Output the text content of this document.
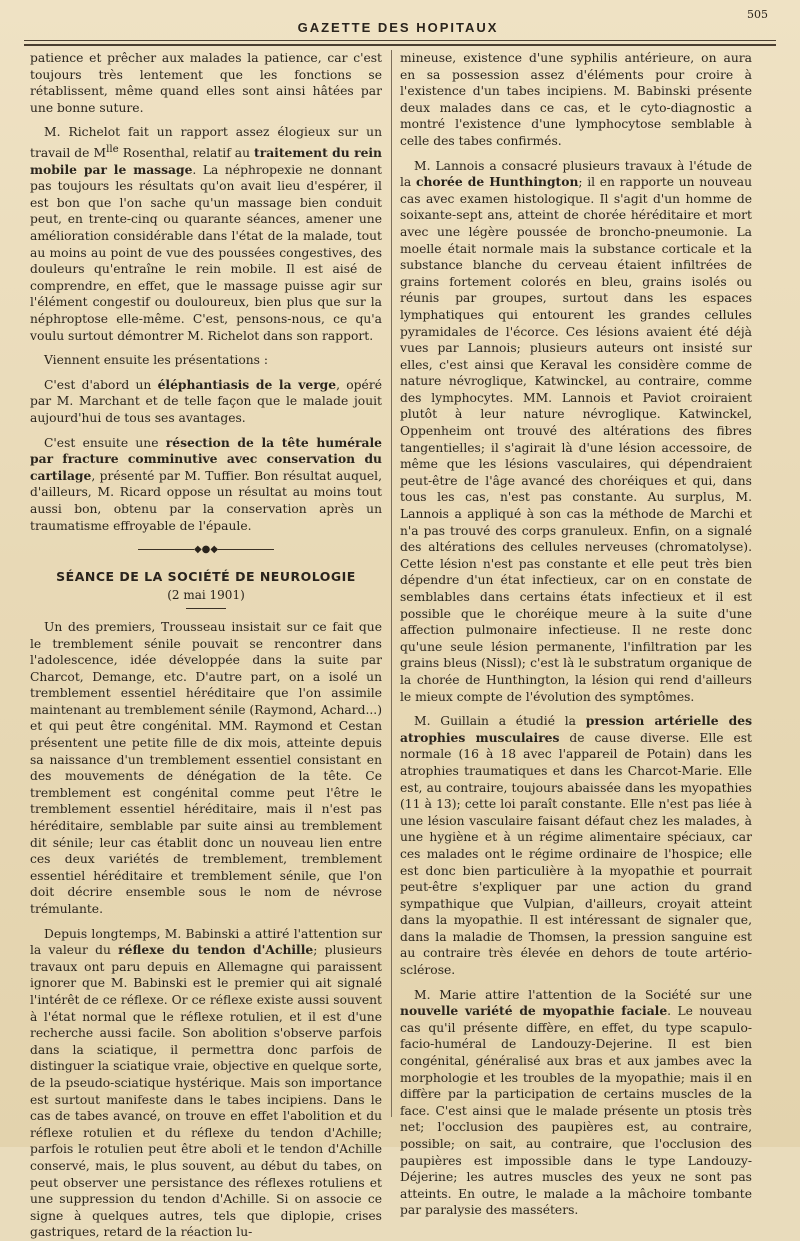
GAZETTE DES HOPITAUX
505

patience et prêcher aux malades la patience, car c'est toujours très lentement que les fonctions se rétablissent, même quand elles sont ainsi hâtées par une bonne suture.

M. Richelot fait un rapport assez élogieux sur un travail de $M^{lle}$ Rosenthal, relatif au traitement du rein mobile par le massage. La néphropexie ne donnant pas toujours les résultats qu'on avait lieu d'espérer, il est bon que l'on sache qu'un massage bien conduit peut, en trente-cinq ou quarante séances, amener une amélioration considérable dans l'état de la malade, tout au moins au point de vue des poussées congestives, des douleurs qu'entraîne le rein mobile. Il est aisé de comprendre, en effet, que le massage puisse agir sur l'élément congestif ou douloureux, bien plus que sur la néphroptose elle-même. C'est, pensons-nous, ce qu'a voulu surtout démontrer M. Richelot dans son rapport.

Viennent ensuite les présentations :

C'est d'abord un éléphantiasis de la verge, opéré par M. Marchant et de telle façon que le malade jouit aujourd'hui de tous ses avantages.

C'est ensuite une résection de la tête humérale par fracture comminutive avec conservation du cartilage, présenté par M. Tuffier. Bon résultat auquel, d'ailleurs, M. Ricard oppose un résultat au moins tout aussi bon, obtenu par la conservation après un traumatisme effroyable de l'épaule.

◆●◆
SÉANCE DE LA SOCIÉTÉ DE NEUROLOGIE
(2 mai 1901)

Un des premiers, Trousseau insistait sur ce fait que le tremblement sénile pouvait se rencontrer dans l'adolescence, idée développée dans la suite par Charcot, Demange, etc. D'autre part, on a isolé un tremblement essentiel héréditaire que l'on assimile maintenant au tremblement sénile (Raymond, Achard...) et qui peut être congénital. MM. Raymond et Cestan présentent une petite fille de dix mois, atteinte depuis sa naissance d'un tremblement essentiel consistant en des mouvements de dénégation de la tête. Ce tremblement est congénital comme peut l'être le tremblement essentiel héréditaire, mais il n'est pas héréditaire, semblable par suite ainsi au tremblement dit sénile; leur cas établit donc un nouveau lien entre ces deux variétés de tremblement, tremblement essentiel héréditaire et tremblement sénile, que l'on doit décrire ensemble sous le nom de névrose trémulante.

Depuis longtemps, M. Babinski a attiré l'attention sur la valeur du réflexe du tendon d'Achille; plusieurs travaux ont paru depuis en Allemagne qui paraissent ignorer que M. Babinski est le premier qui ait signalé l'intérêt de ce réflexe. Or ce réflexe existe aussi souvent à l'état normal que le réflexe rotulien, et il est d'une recherche aussi facile. Son abolition s'observe parfois dans la sciatique, il permettra donc parfois de distinguer la sciatique vraie, objective en quelque sorte, de la pseudo-sciatique hystérique. Mais son importance est surtout manifeste dans le tabes incipiens. Dans le cas de tabes avancé, on trouve en effet l'abolition et du réflexe rotulien et du réflexe du tendon d'Achille; parfois le rotulien peut être aboli et le tendon d'Achille conservé, mais, le plus souvent, au début du tabes, on peut observer une persistance des réflexes rotuliens et une suppression du tendon d'Achille. Si on associe ce signe à quelques autres, tels que diplopie, crises gastriques, retard de la réaction lu-

mineuse, existence d'une syphilis antérieure, on aura en sa possession assez d'éléments pour croire à l'existence d'un tabes incipiens. M. Babinski présente deux malades dans ce cas, et le cyto-diagnostic a montré l'existence d'une lymphocytose semblable à celle des tabes confirmés.

M. Lannois a consacré plusieurs travaux à l'étude de la chorée de Hunthington; il en rapporte un nouveau cas avec examen histologique. Il s'agit d'un homme de soixante-sept ans, atteint de chorée héréditaire et mort avec une légère poussée de broncho-pneumonie. La moelle était normale mais la substance corticale et la substance blanche du cerveau étaient infiltrées de grains fortement colorés en bleu, grains isolés ou réunis par groupes, surtout dans les espaces lymphatiques qui entourent les grandes cellules pyramidales de l'écorce. Ces lésions avaient été déjà vues par Lannois; plusieurs auteurs ont insisté sur elles, c'est ainsi que Keraval les considère comme de nature névroglique, Katwinckel, au contraire, comme des lymphocytes. MM. Lannois et Paviot croiraient plutôt à leur nature névroglique. Katwinckel, Oppenheim ont trouvé des altérations des fibres tangentielles; il s'agirait là d'une lésion accessoire, de même que les lésions vasculaires, qui dépendraient peut-être de l'âge avancé des choréiques et qui, dans tous les cas, n'est pas constante. Au surplus, M. Lannois a appliqué à son cas la méthode de Marchi et n'a pas trouvé des corps granuleux. Enfin, on a signalé des altérations des cellules nerveuses (chromatolyse). Cette lésion n'est pas constante et elle peut très bien dépendre d'un état infectieux, car on en constate de semblables dans certains états infectieux et il est possible que le choréique meure à la suite d'une affection pulmonaire infectieuse. Il ne reste donc qu'une seule lésion permanente, l'infiltration par les grains bleus (Nissl); c'est là le substratum organique de la chorée de Hunthington, la lésion qui rend d'ailleurs le mieux compte de l'évolution des symptômes.

M. Guillain a étudié la pression artérielle des atrophies musculaires de cause diverse. Elle est normale (16 à 18 avec l'appareil de Potain) dans les atrophies traumatiques et dans les Charcot-Marie. Elle est, au contraire, toujours abaissée dans les myopathies (11 à 13); cette loi paraît constante. Elle n'est pas liée à une lésion vasculaire faisant défaut chez les malades, à une hygiène et à un régime alimentaire spéciaux, car ces malades ont le régime ordinaire de l'hospice; elle est donc bien particulière à la myopathie et pourrait peut-être s'expliquer par une action du grand sympathique que Vulpian, d'ailleurs, croyait atteint dans la myopathie. Il est intéressant de signaler que, dans la maladie de Thomsen, la pression sanguine est au contraire très élevée en dehors de toute artério-sclérose.

M. Marie attire l'attention de la Société sur une nouvelle variété de myopathie faciale. Le nouveau cas qu'il présente diffère, en effet, du type scapulo-facio-huméral de Landouzy-Dejerine. Il est bien congénital, généralisé aux bras et aux jambes avec la morphologie et les troubles de la myopathie; mais il en diffère par la participation de certains muscles de la face. C'est ainsi que le malade présente un ptosis très net; l'occlusion des paupières est, au contraire, possible; on sait, au contraire, que l'occlusion des paupières est impossible dans le type Landouzy-Déjerine; les autres muscles des yeux ne sont pas atteints. En outre, le malade a la mâchoire tombante par paralysie des masséters.
